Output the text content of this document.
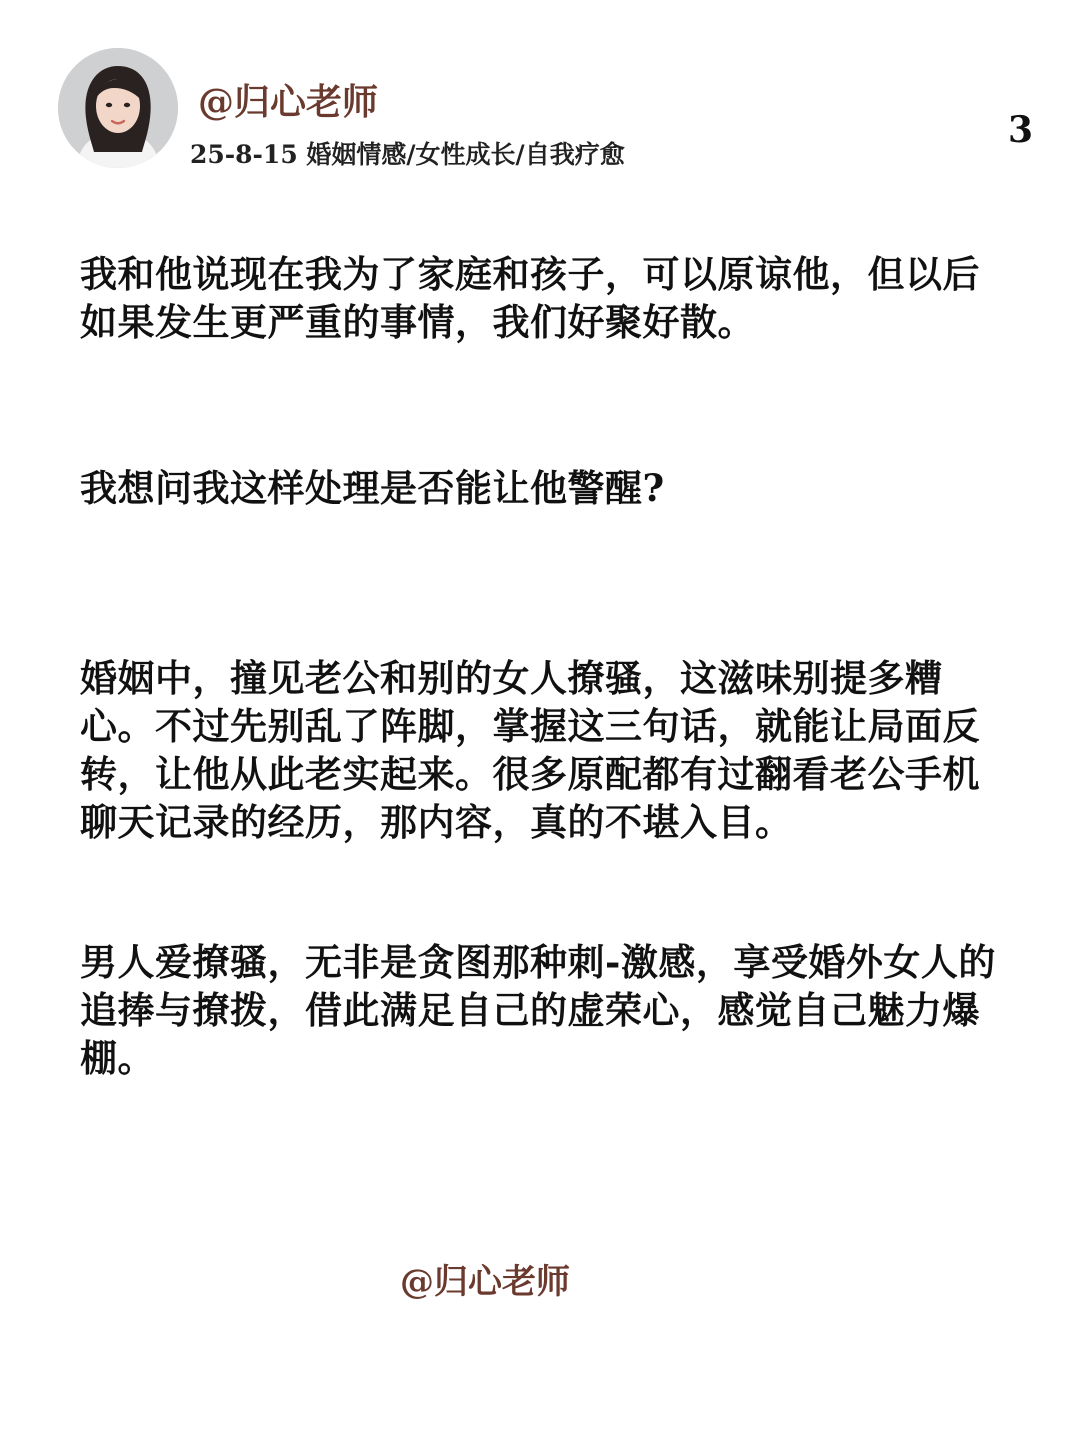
@归心老师
25-8-15 婚姻情感/女性成长/自我疗愈
3

我和他说现在我为了家庭和孩子，可以原谅他，但以后如果发生更严重的事情，我们好聚好散。

我想问我这样处理是否能让他警醒?

婚姻中，撞见老公和别的女人撩骚，这滋味别提多糟心。不过先别乱了阵脚，掌握这三句话，就能让局面反转，让他从此老实起来。很多原配都有过翻看老公手机聊天记录的经历，那内容，真的不堪入目。

男人爱撩骚，无非是贪图那种刺-激感，享受婚外女人的追捧与撩拨，借此满足自己的虚荣心，感觉自己魅力爆棚。

@归心老师
